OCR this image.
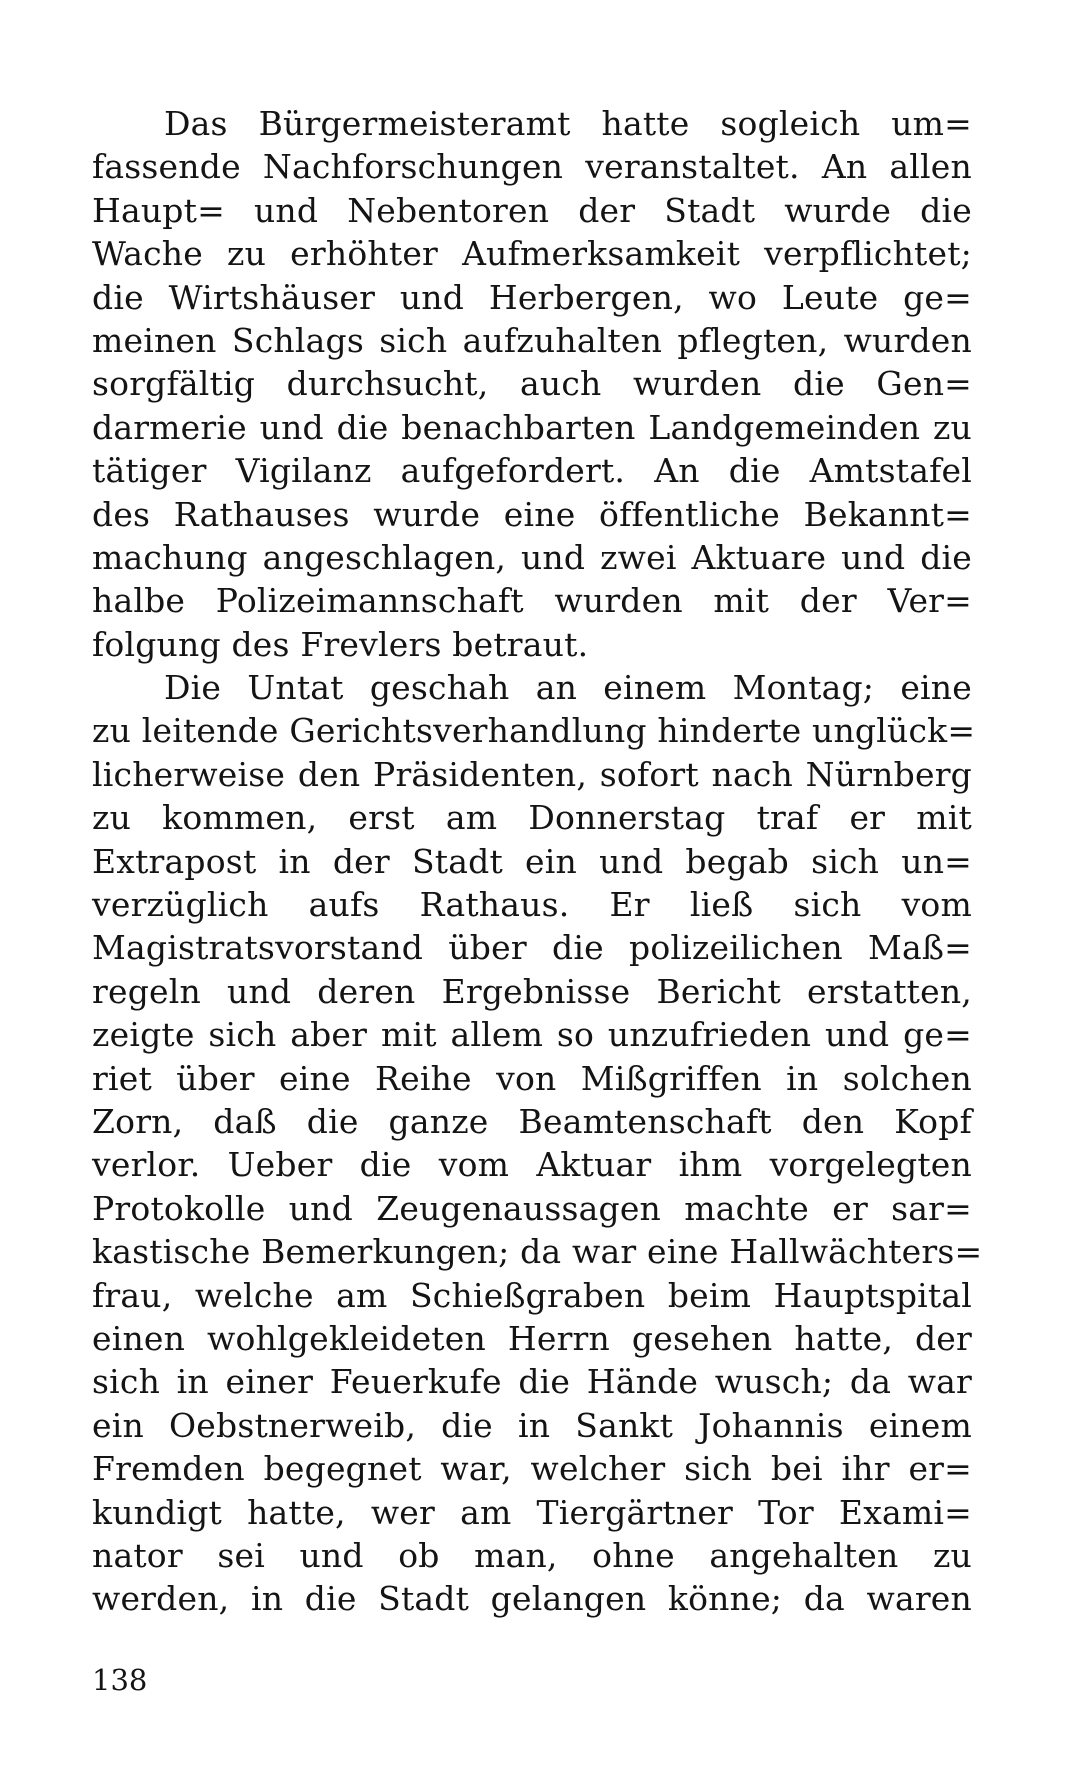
Das Bürgermeisteramt hatte sogleich um=
fassende Nachforschungen veranstaltet. An allen
Haupt= und Nebentoren der Stadt wurde die
Wache zu erhöhter Aufmerksamkeit verpflichtet;
die Wirtshäuser und Herbergen, wo Leute ge=
meinen Schlags sich aufzuhalten pflegten, wurden
sorgfältig durchsucht, auch wurden die Gen=
darmerie und die benachbarten Landgemeinden zu
tätiger Vigilanz aufgefordert. An die Amtstafel
des Rathauses wurde eine öffentliche Bekannt=
machung angeschlagen, und zwei Aktuare und die
halbe Polizeimannschaft wurden mit der Ver=
folgung des Frevlers betraut.
Die Untat geschah an einem Montag; eine
zu leitende Gerichtsverhandlung hinderte unglück=
licherweise den Präsidenten, sofort nach Nürnberg
zu kommen, erst am Donnerstag traf er mit
Extrapost in der Stadt ein und begab sich un=
verzüglich aufs Rathaus. Er ließ sich vom
Magistratsvorstand über die polizeilichen Maß=
regeln und deren Ergebnisse Bericht erstatten,
zeigte sich aber mit allem so unzufrieden und ge=
riet über eine Reihe von Mißgriffen in solchen
Zorn, daß die ganze Beamtenschaft den Kopf
verlor. Ueber die vom Aktuar ihm vorgelegten
Protokolle und Zeugenaussagen machte er sar=
kastische Bemerkungen; da war eine Hallwächters=
frau, welche am Schießgraben beim Hauptspital
einen wohlgekleideten Herrn gesehen hatte, der
sich in einer Feuerkufe die Hände wusch; da war
ein Oebstnerweib, die in Sankt Johannis einem
Fremden begegnet war, welcher sich bei ihr er=
kundigt hatte, wer am Tiergärtner Tor Exami=
nator sei und ob man, ohne angehalten zu
werden, in die Stadt gelangen könne; da waren
138
